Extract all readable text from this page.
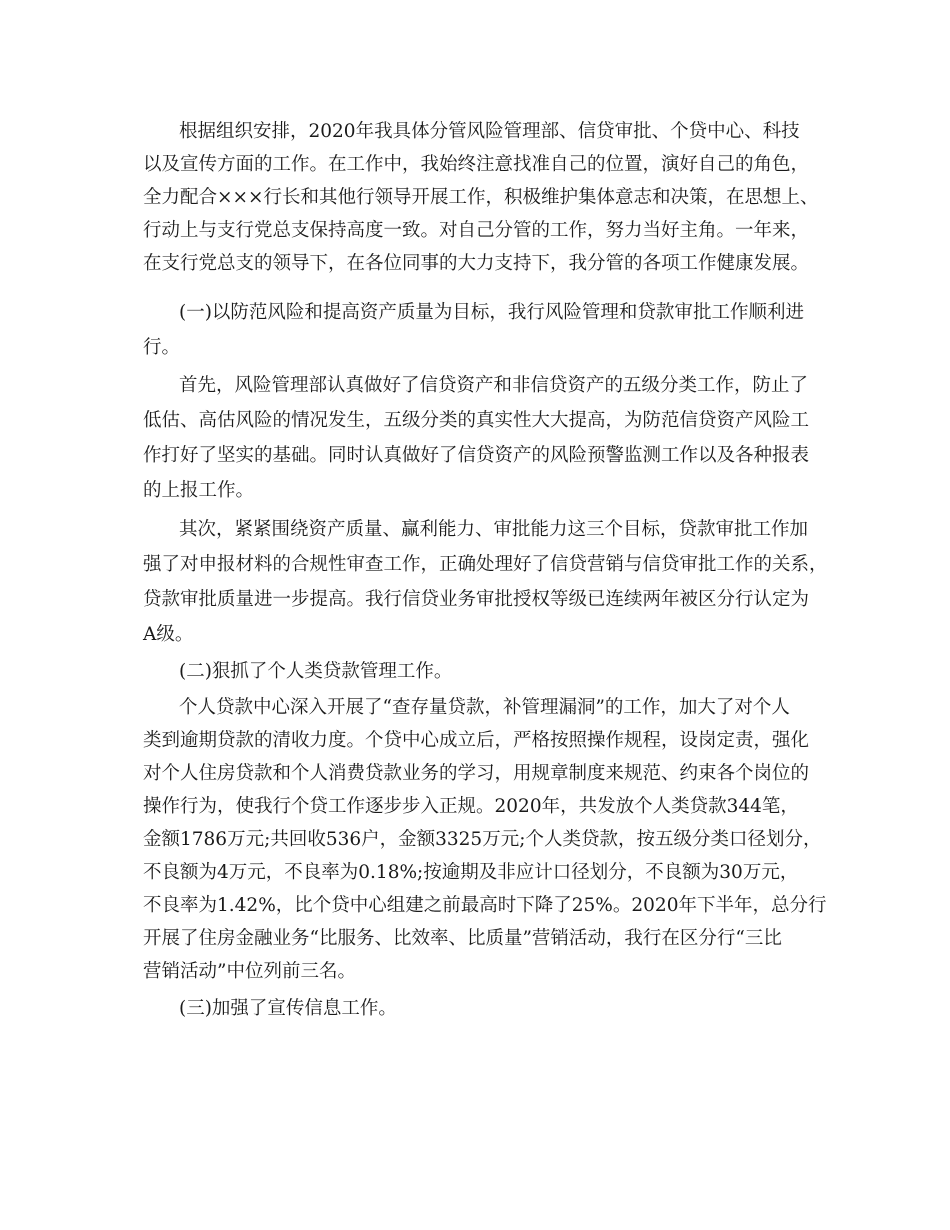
根据组织安排，2020年我具体分管风险管理部、信贷审批、个贷中心、科技
以及宣传方面的工作。在工作中，我始终注意找准自己的位置，演好自己的角色，
全力配合×××行长和其他行领导开展工作，积极维护集体意志和决策，在思想上、
行动上与支行党总支保持高度一致。对自己分管的工作，努力当好主角。一年来，
在支行党总支的领导下，在各位同事的大力支持下，我分管的各项工作健康发展。
(一)以防范风险和提高资产质量为目标，我行风险管理和贷款审批工作顺利进
行。
首先，风险管理部认真做好了信贷资产和非信贷资产的五级分类工作，防止了
低估、高估风险的情况发生，五级分类的真实性大大提高，为防范信贷资产风险工
作打好了坚实的基础。同时认真做好了信贷资产的风险预警监测工作以及各种报表
的上报工作。
其次，紧紧围绕资产质量、赢利能力、审批能力这三个目标，贷款审批工作加
强了对申报材料的合规性审查工作，正确处理好了信贷营销与信贷审批工作的关系，
贷款审批质量进一步提高。我行信贷业务审批授权等级已连续两年被区分行认定为
A级。
(二)狠抓了个人类贷款管理工作。
个人贷款中心深入开展了“查存量贷款，补管理漏洞”的工作，加大了对个人
类到逾期贷款的清收力度。个贷中心成立后，严格按照操作规程，设岗定责，强化
对个人住房贷款和个人消费贷款业务的学习，用规章制度来规范、约束各个岗位的
操作行为，使我行个贷工作逐步步入正规。2020年，共发放个人类贷款344笔，
金额1786万元;共回收536户，金额3325万元;个人类贷款，按五级分类口径划分，
不良额为4万元，不良率为0.18%;按逾期及非应计口径划分，不良额为30万元，
不良率为1.42%，比个贷中心组建之前最高时下降了25%。2020年下半年，总分行
开展了住房金融业务“比服务、比效率、比质量”营销活动，我行在区分行“三比
营销活动”中位列前三名。
(三)加强了宣传信息工作。
